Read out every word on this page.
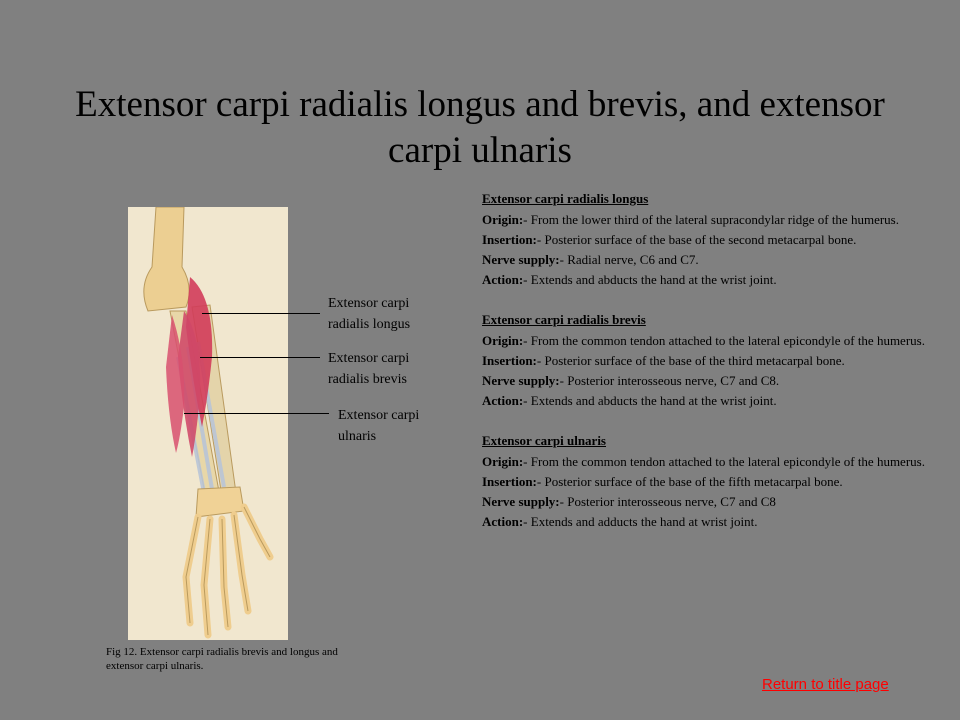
Extensor carpi radialis longus and brevis, and extensor carpi ulnaris
Extensor carpi radialis longus
Extensor carpi radialis brevis
Extensor carpi ulnaris
Fig 12. Extensor carpi radialis brevis and longus and extensor carpi ulnaris.
Extensor carpi radialis longus
Origin:- From the lower third of the lateral supracondylar ridge of the humerus.
Insertion:- Posterior surface of the base of the second metacarpal bone.
Nerve supply:- Radial nerve, C6 and C7.
Action:- Extends and abducts the hand at the wrist joint.
Extensor carpi radialis brevis
Origin:- From the common tendon attached to the lateral epicondyle of the humerus.
Insertion:- Posterior surface of the base of the third metacarpal bone.
Nerve supply:- Posterior interosseous nerve, C7 and C8.
Action:- Extends and abducts the hand at the wrist joint.
Extensor carpi ulnaris
Origin:- From the common tendon attached to the lateral epicondyle of the humerus.
Insertion:- Posterior surface of the base of the fifth metacarpal bone.
Nerve supply:- Posterior interosseous nerve, C7 and C8
Action:- Extends and adducts the hand at wrist joint.
Return to title page
